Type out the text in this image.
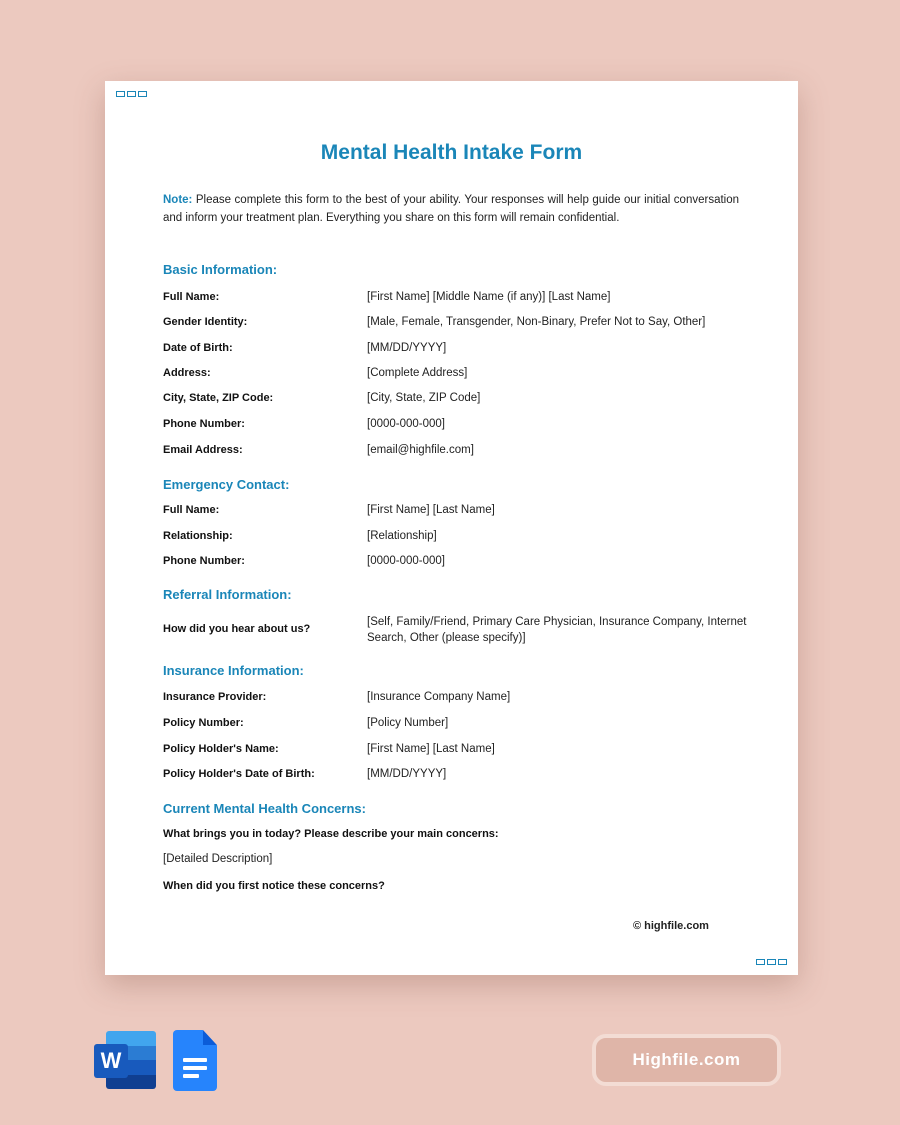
Mental Health Intake Form

Note: Please complete this form to the best of your ability. Your responses will help guide our initial conversation and inform your treatment plan. Everything you share on this form will remain confidential.

Basic Information:
Full Name:	[First Name] [Middle Name (if any)] [Last Name]
Gender Identity:	[Male, Female, Transgender, Non-Binary, Prefer Not to Say, Other]
Date of Birth:	[MM/DD/YYYY]
Address:	[Complete Address]
City, State, ZIP Code:	[City, State, ZIP Code]
Phone Number:	[0000-000-000]
Email Address:	[email@highfile.com]
Emergency Contact:
Full Name:	[First Name] [Last Name]
Relationship:	[Relationship]
Phone Number:	[0000-000-000]
Referral Information:
How did you hear about us?
[Self, Family/Friend, Primary Care Physician, Insurance Company, Internet Search, Other (please specify)]
Insurance Information:
Insurance Provider:	[Insurance Company Name]
Policy Number:	[Policy Number]
Policy Holder's Name:	[First Name] [Last Name]
Policy Holder's Date of Birth:	[MM/DD/YYYY]
Current Mental Health Concerns:
What brings you in today? Please describe your main concerns:
[Detailed Description]
When did you first notice these concerns?
© highfile.com
W	Highfile.com
